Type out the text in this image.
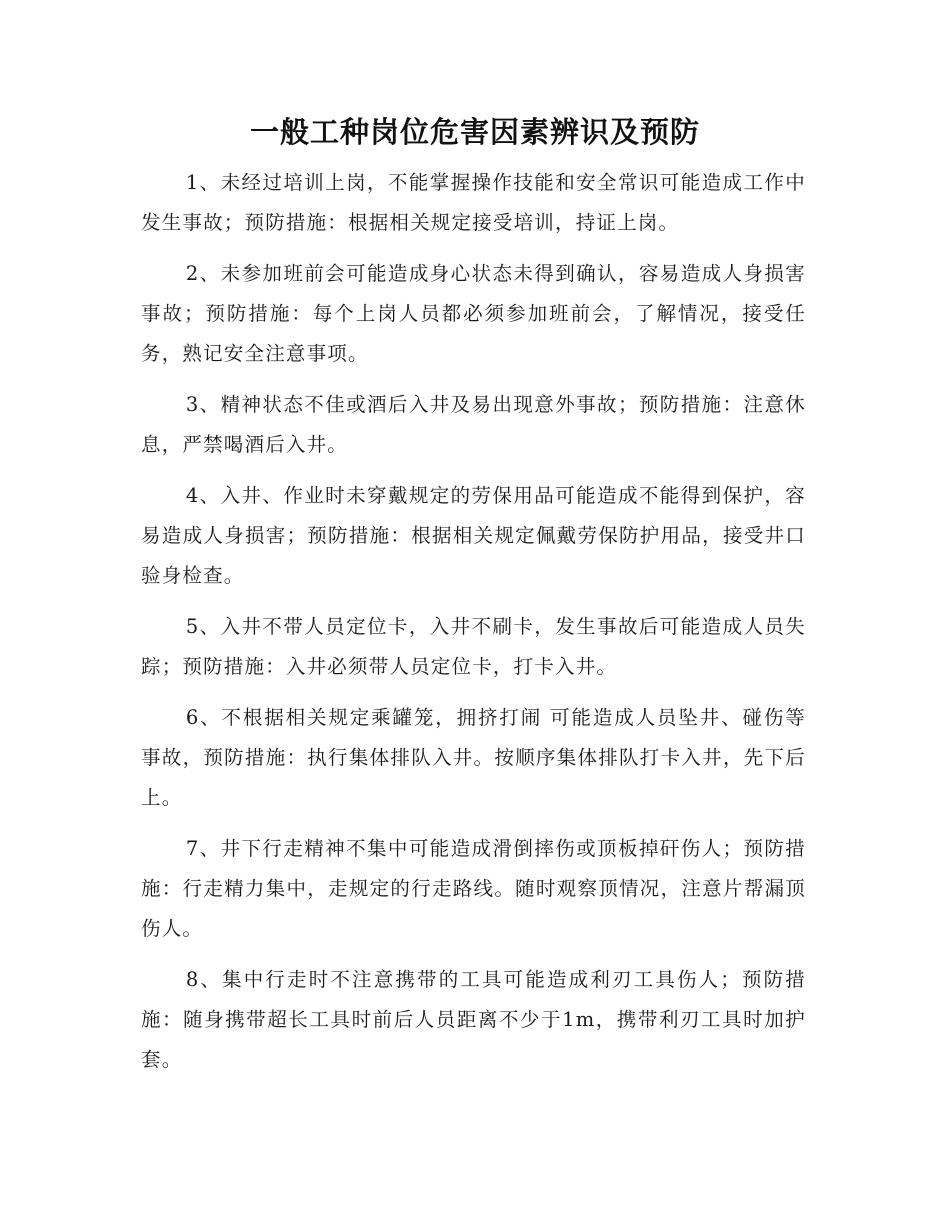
一般工种岗位危害因素辨识及预防

1、未经过培训上岗，不能掌握操作技能和安全常识可能造成工作中发生事故；预防措施：根据相关规定接受培训，持证上岗。

2、未参加班前会可能造成身心状态未得到确认，容易造成人身损害事故；预防措施：每个上岗人员都必须参加班前会，了解情况，接受任务，熟记安全注意事项。

3、精神状态不佳或酒后入井及易出现意外事故；预防措施：注意休息，严禁喝酒后入井。

4、入井、作业时未穿戴规定的劳保用品可能造成不能得到保护，容易造成人身损害；预防措施：根据相关规定佩戴劳保防护用品，接受井口验身检查。

5、入井不带人员定位卡，入井不刷卡，发生事故后可能造成人员失踪；预防措施：入井必须带人员定位卡，打卡入井。

6、不根据相关规定乘罐笼，拥挤打闹 可能造成人员坠井、碰伤等事故，预防措施：执行集体排队入井。按顺序集体排队打卡入井，先下后上。

7、井下行走精神不集中可能造成滑倒摔伤或顶板掉矸伤人；预防措施：行走精力集中，走规定的行走路线。随时观察顶情况，注意片帮漏顶伤人。

8、集中行走时不注意携带的工具可能造成利刃工具伤人；预防措施：随身携带超长工具时前后人员距离不少于1m，携带利刃工具时加护套。
